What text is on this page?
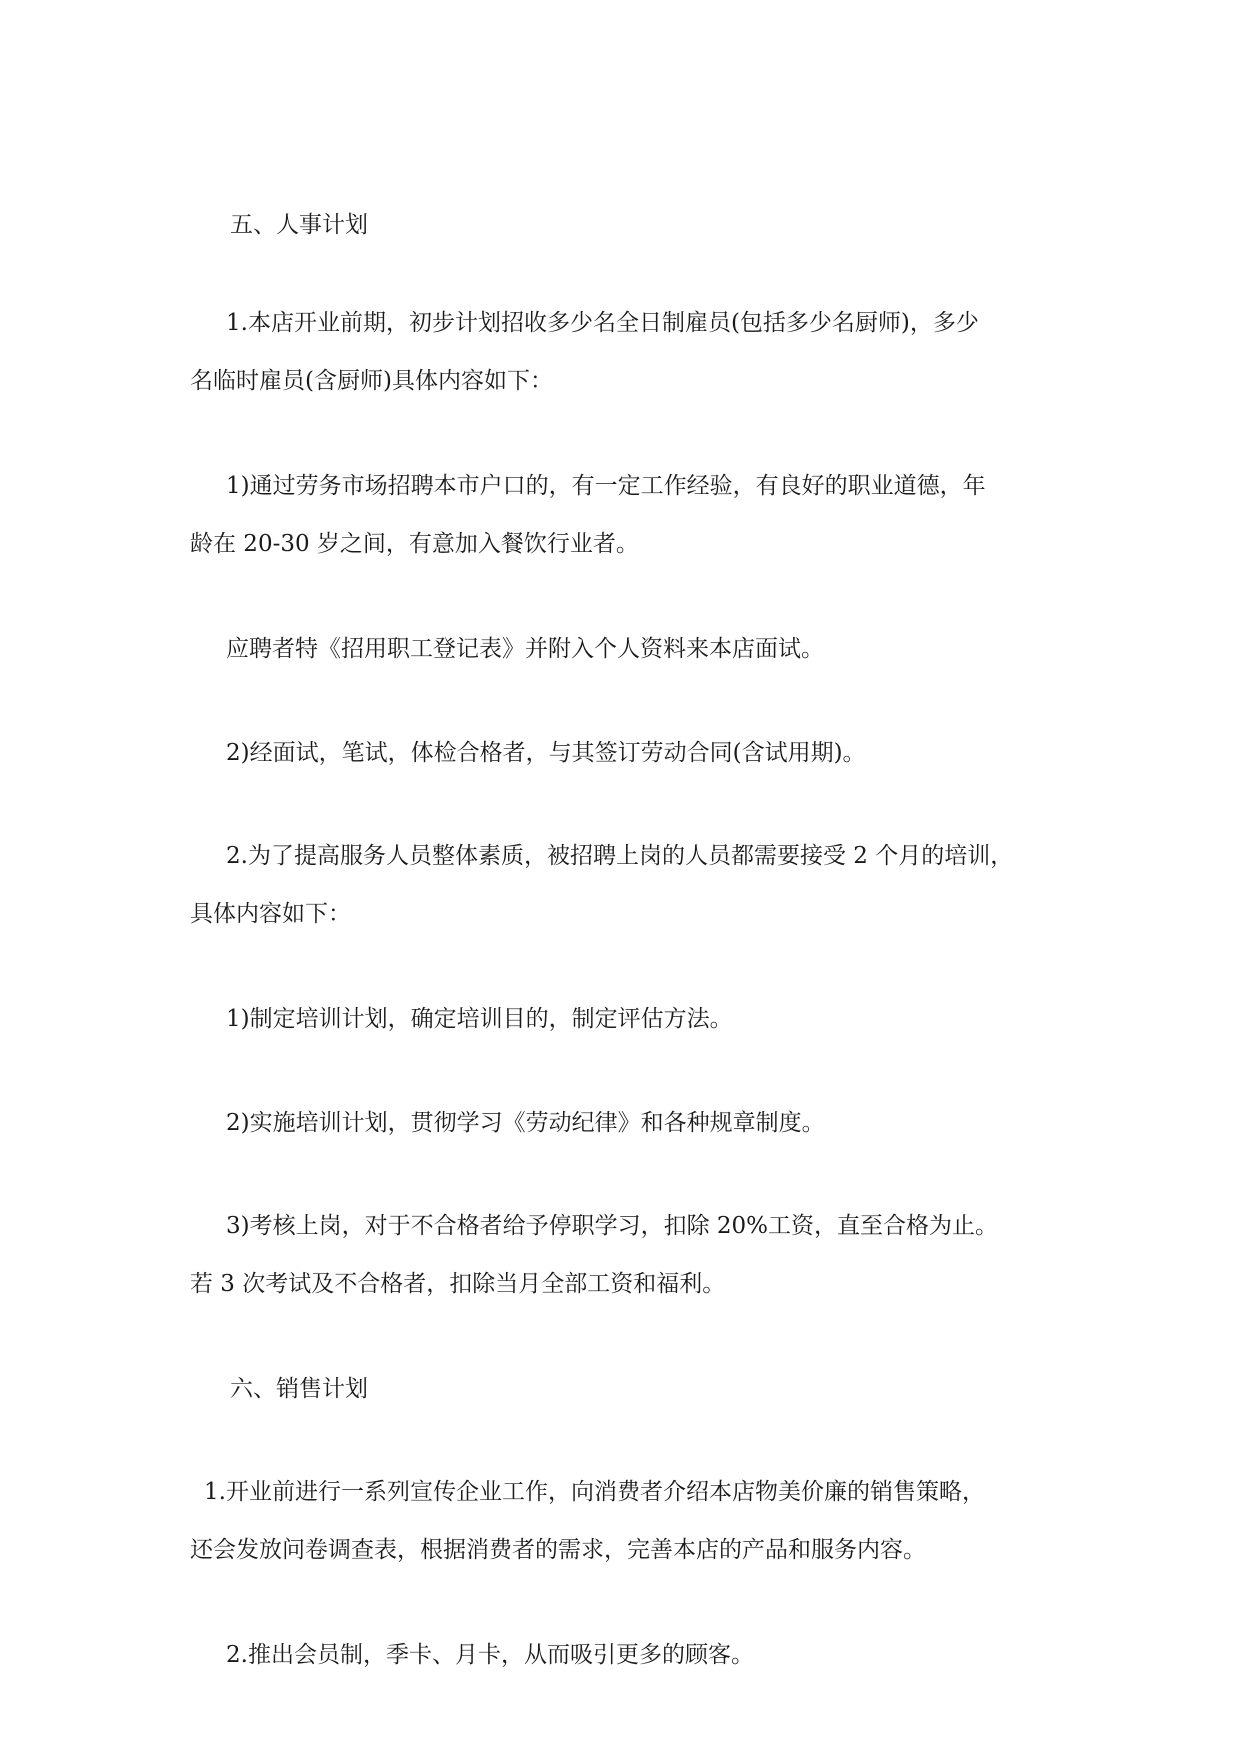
五、人事计划

1.本店开业前期，初步计划招收多少名全日制雇员(包括多少名厨师)，多少
名临时雇员(含厨师)具体内容如下：
1)通过劳务市场招聘本市户口的，有一定工作经验，有良好的职业道德，年
龄在 20-30 岁之间，有意加入餐饮行业者。
应聘者特《招用职工登记表》并附入个人资料来本店面试。
2)经面试，笔试，体检合格者，与其签订劳动合同(含试用期)。
2.为了提高服务人员整体素质，被招聘上岗的人员都需要接受 2 个月的培训，
具体内容如下：
1)制定培训计划，确定培训目的，制定评估方法。
2)实施培训计划，贯彻学习《劳动纪律》和各种规章制度。
3)考核上岗，对于不合格者给予停职学习，扣除 20%工资，直至合格为止。
若 3 次考试及不合格者，扣除当月全部工资和福利。

六、销售计划

1.开业前进行一系列宣传企业工作，向消费者介绍本店物美价廉的销售策略，
还会发放问卷调查表，根据消费者的需求，完善本店的产品和服务内容。
2.推出会员制，季卡、月卡，从而吸引更多的顾客。
